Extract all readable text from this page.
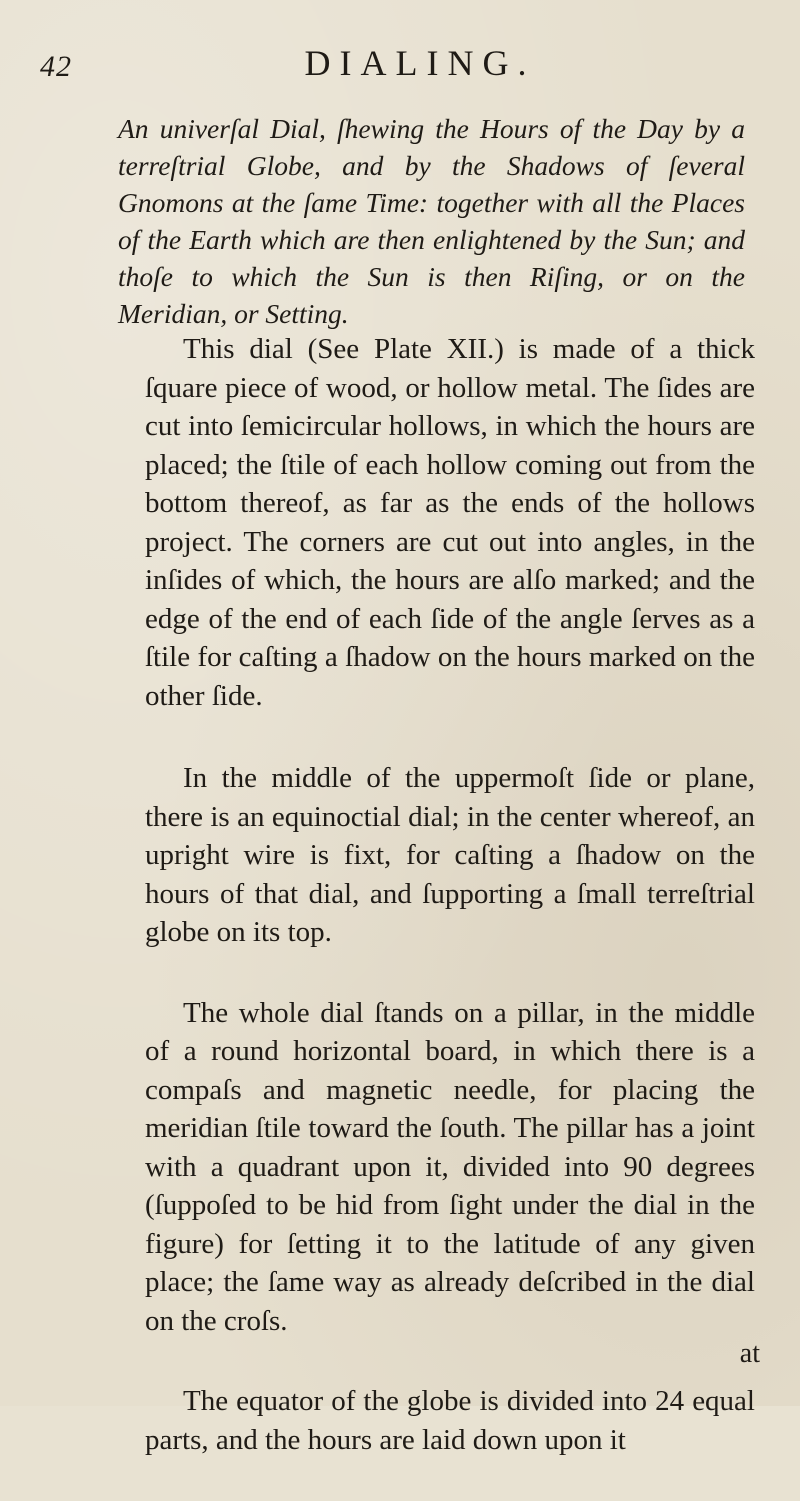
42	DIALING.
An univerſal Dial, ſhewing the Hours of the Day by a terreſtrial Globe, and by the Shadows of ſeveral Gnomons at the ſame Time: together with all the Places of the Earth which are then enlightened by the Sun; and thoſe to which the Sun is then Riſing, or on the Meridian, or Setting.

This dial (See Plate XII.) is made of a thick ſquare piece of wood, or hollow metal. The ſides are cut into ſemicircular hollows, in which the hours are placed; the ſtile of each hollow coming out from the bottom thereof, as far as the ends of the hollows project. The corners are cut out into angles, in the inſides of which, the hours are alſo marked; and the edge of the end of each ſide of the angle ſerves as a ſtile for caſting a ſhadow on the hours marked on the other ſide.

In the middle of the uppermoſt ſide or plane, there is an equinoctial dial; in the center whereof, an upright wire is fixt, for caſting a ſhadow on the hours of that dial, and ſupporting a ſmall terreſtrial globe on its top.

The whole dial ſtands on a pillar, in the middle of a round horizontal board, in which there is a compaſs and magnetic needle, for placing the meridian ſtile toward the ſouth. The pillar has a joint with a quadrant upon it, divided into 90 degrees (ſuppoſed to be hid from ſight under the dial in the figure) for ſetting it to the latitude of any given place; the ſame way as already deſcribed in the dial on the croſs.

The equator of the globe is divided into 24 equal parts, and the hours are laid down upon it

at
